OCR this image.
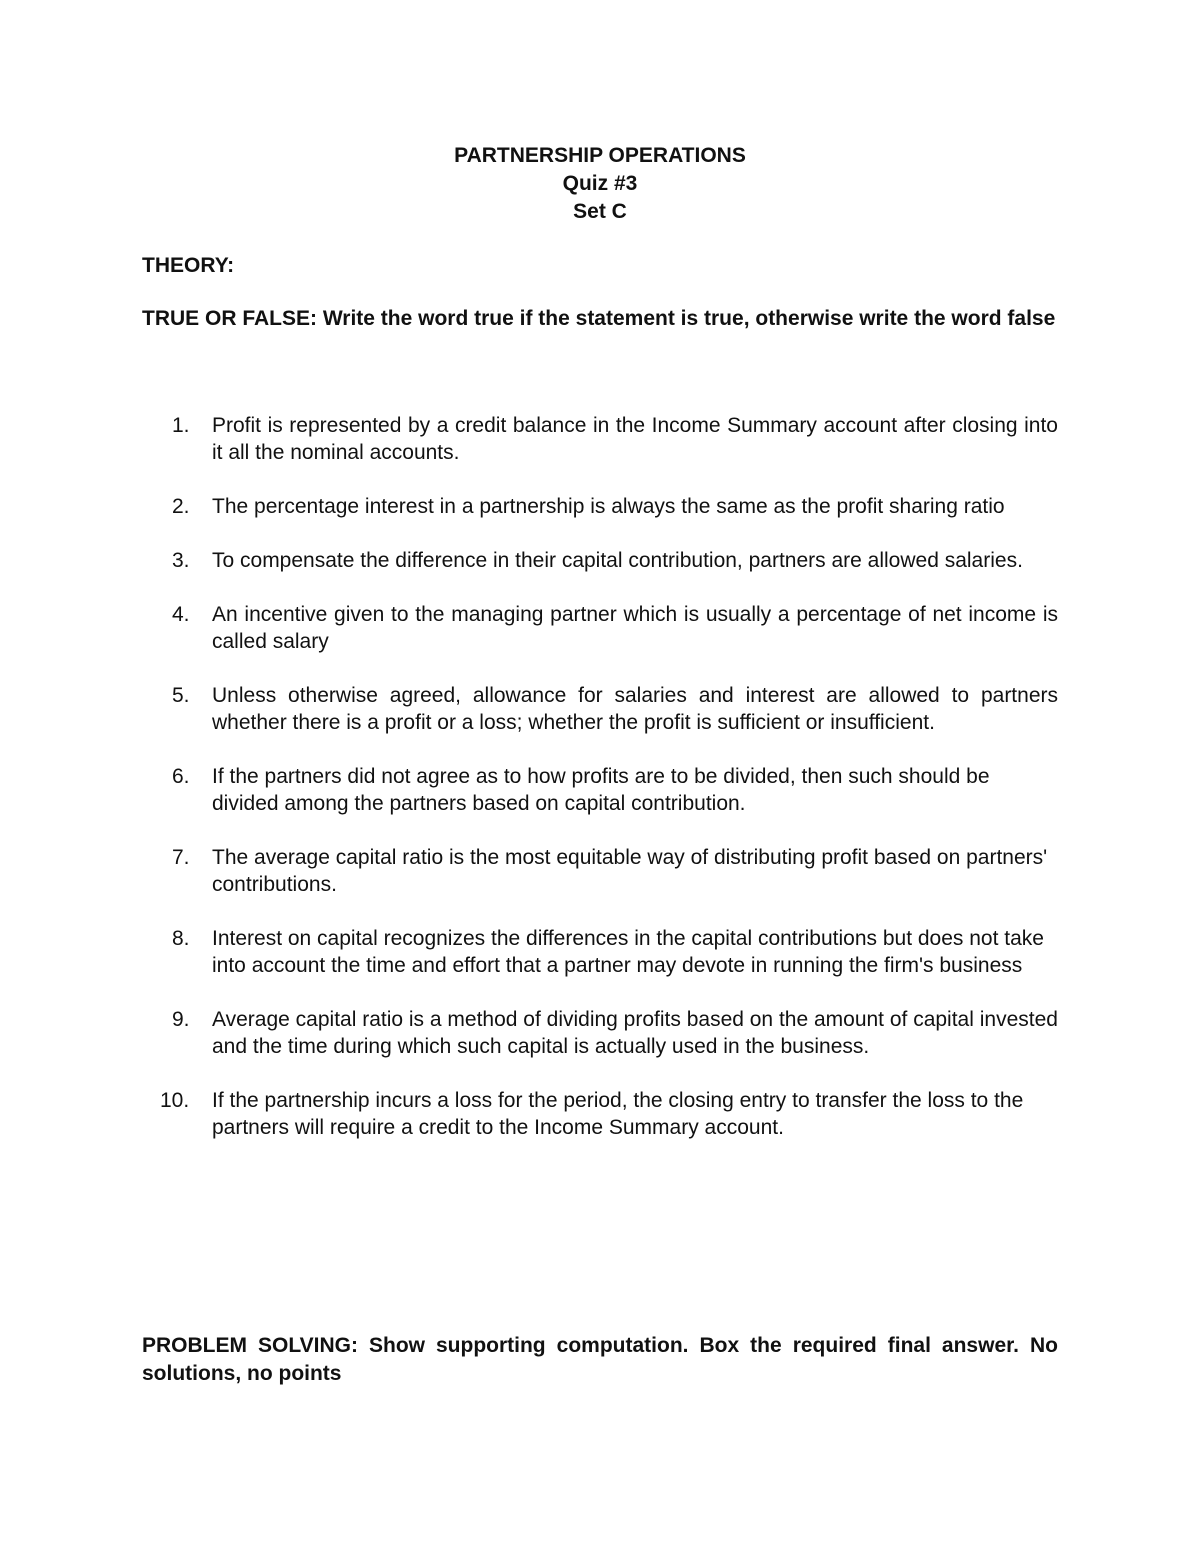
PARTNERSHIP OPERATIONS
Quiz #3
Set C
THEORY:
TRUE OR FALSE: Write the word true if the statement is true, otherwise write the word false
1.	Profit is represented by a credit balance in the Income Summary account after closing into it all the nominal accounts.
2.	The percentage interest in a partnership is always the same as the profit sharing ratio
3.	To compensate the difference in their capital contribution, partners are allowed salaries.
4.	An incentive given to the managing partner which is usually a percentage of net income is called salary
5.	Unless otherwise agreed, allowance for salaries and interest are allowed to partners whether there is a profit or a loss; whether the profit is sufficient or insufficient.
6.	If the partners did not agree as to how profits are to be divided, then such should be divided among the partners based on capital contribution.
7.	The average capital ratio is the most equitable way of distributing profit based on partners' contributions.
8.	Interest on capital recognizes the differences in the capital contributions but does not take into account the time and effort that a partner may devote in running the firm's business
9.	Average capital ratio is a method of dividing profits based on the amount of capital invested and the time during which such capital is actually used in the business.
10.	If the partnership incurs a loss for the period, the closing entry to transfer the loss to the partners will require a credit to the Income Summary account.
PROBLEM SOLVING: Show supporting computation. Box the required final answer. No solutions, no points
